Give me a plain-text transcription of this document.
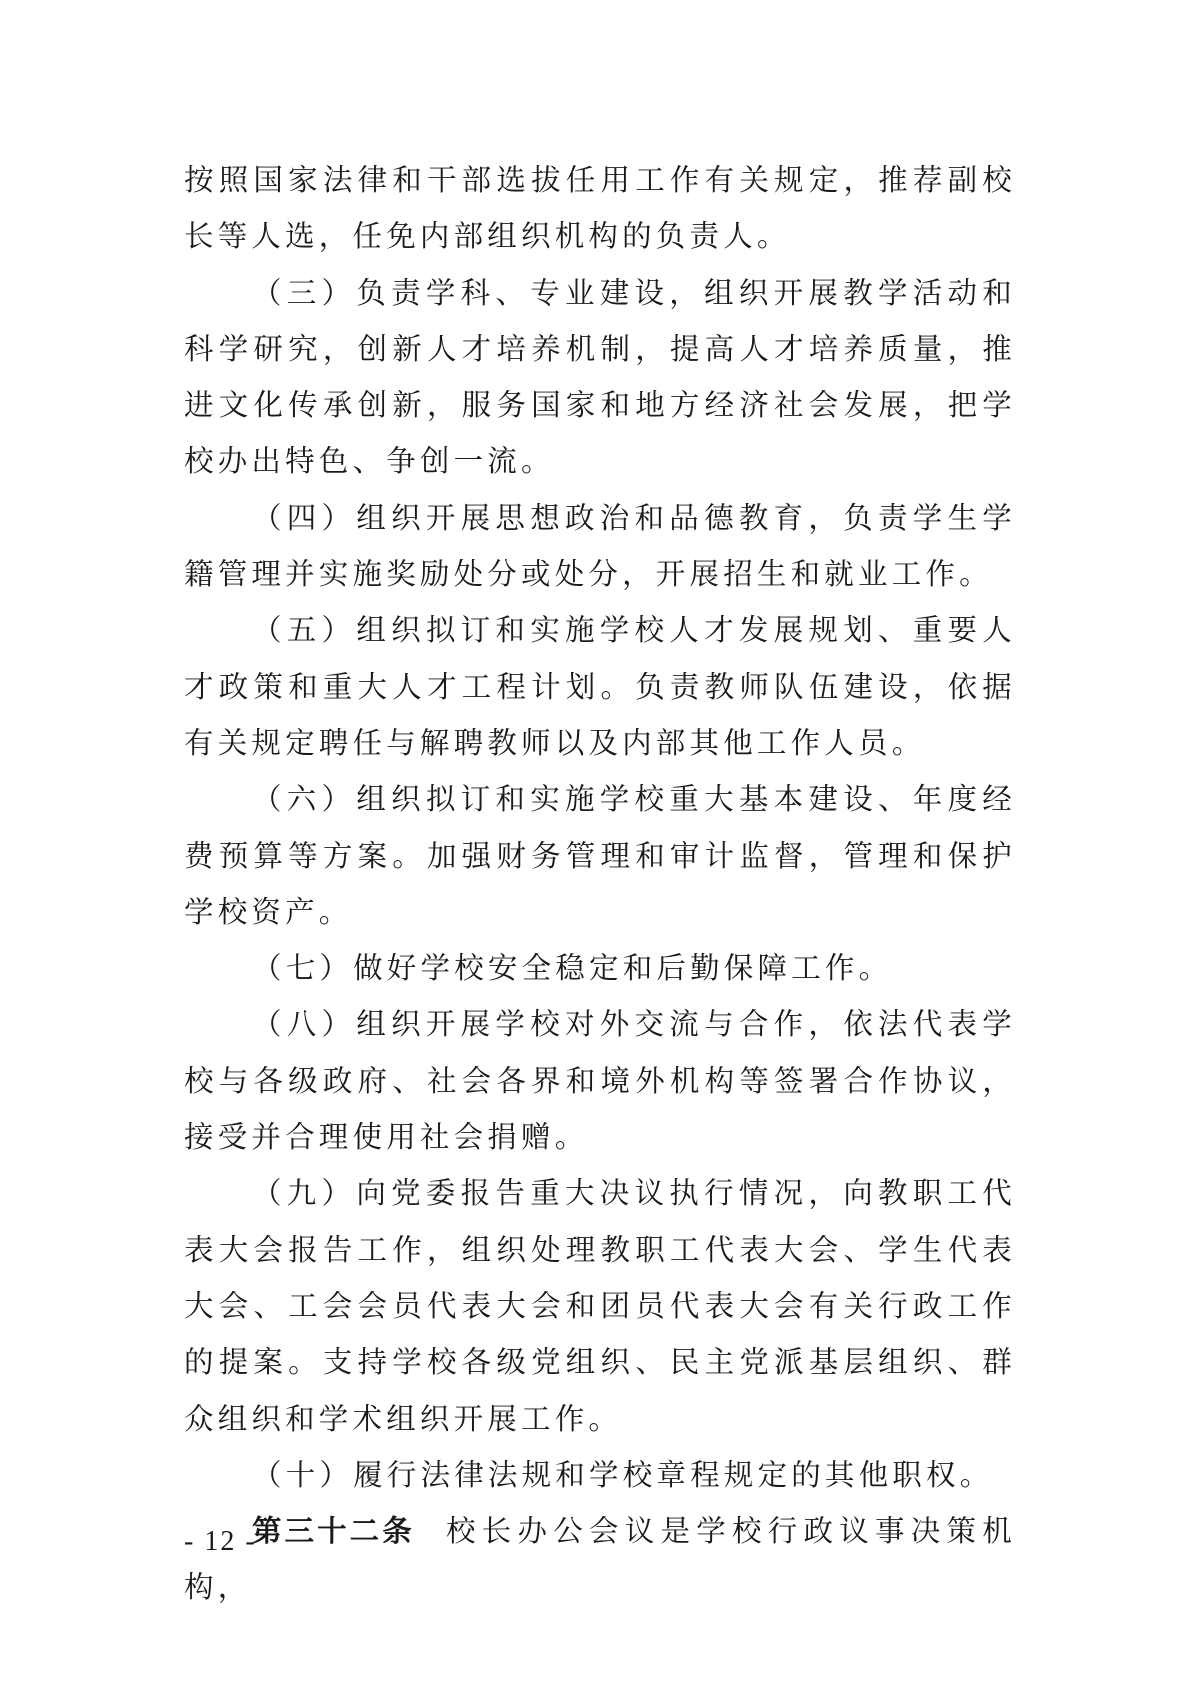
按照国家法律和干部选拔任用工作有关规定，推荐副校长等人选，任免内部组织机构的负责人。

（三）负责学科、专业建设，组织开展教学活动和科学研究，创新人才培养机制，提高人才培养质量，推进文化传承创新，服务国家和地方经济社会发展，把学校办出特色、争创一流。

（四）组织开展思想政治和品德教育，负责学生学籍管理并实施奖励处分或处分，开展招生和就业工作。

（五）组织拟订和实施学校人才发展规划、重要人才政策和重大人才工程计划。负责教师队伍建设，依据有关规定聘任与解聘教师以及内部其他工作人员。

（六）组织拟订和实施学校重大基本建设、年度经费预算等方案。加强财务管理和审计监督，管理和保护学校资产。

（七）做好学校安全稳定和后勤保障工作。

（八）组织开展学校对外交流与合作，依法代表学校与各级政府、社会各界和境外机构等签署合作协议，接受并合理使用社会捐赠。

（九）向党委报告重大决议执行情况，向教职工代表大会报告工作，组织处理教职工代表大会、学生代表大会、工会会员代表大会和团员代表大会有关行政工作的提案。支持学校各级党组织、民主党派基层组织、群众组织和学术组织开展工作。

（十）履行法律法规和学校章程规定的其他职权。

第三十二条 校长办公会议是学校行政议事决策机构，

- 12 -
